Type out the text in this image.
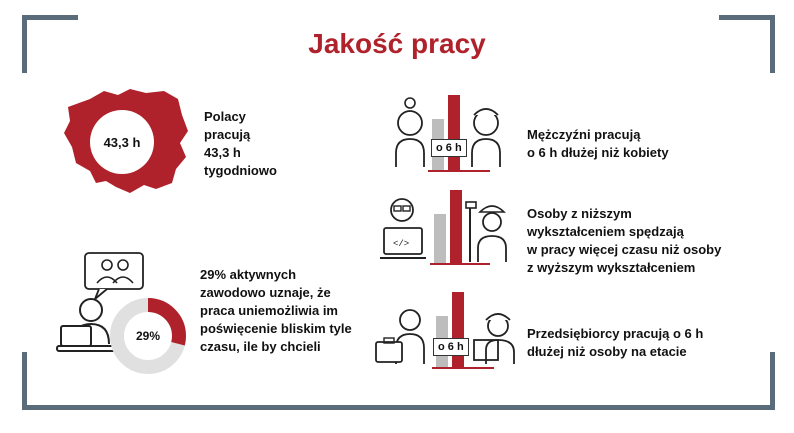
Jakość pracy
43,3 h
Polacy
pracują
43,3 h
tygodniowo
29%
29% aktywnych
zawodowo uznaje, że
praca uniemożliwia im
poświęcenie bliskim tyle
czasu, ile by chcieli
o 6 h
Mężczyźni pracują
o 6 h dłużej niż kobiety
</>
Osoby z niższym
wykształceniem spędzają
w pracy więcej czasu niż osoby
z wyższym wykształceniem
o 6 h
Przedsiębiorcy pracują o 6 h
dłużej niż osoby na etacie
